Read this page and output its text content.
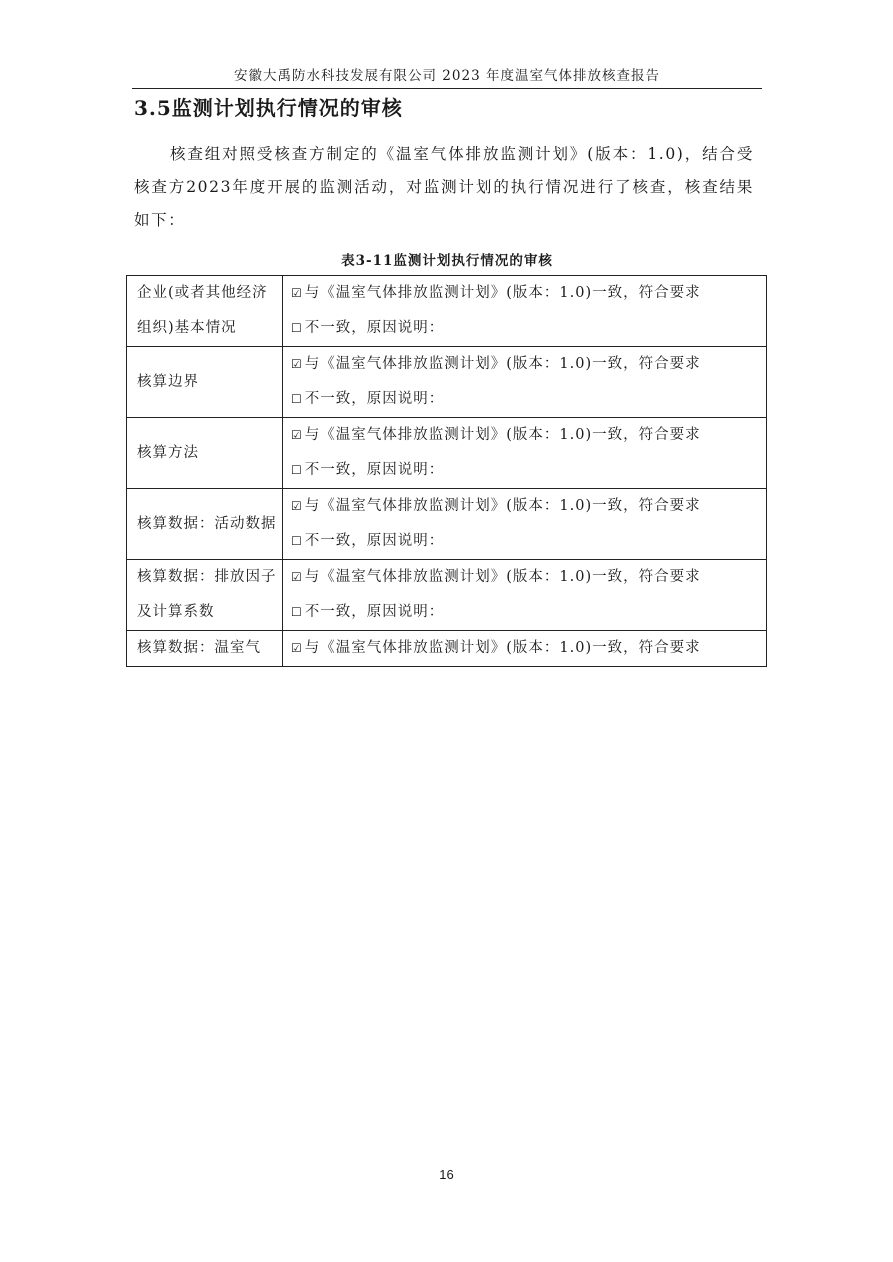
安徽大禹防水科技发展有限公司 2023 年度温室气体排放核查报告
3.5监测计划执行情况的审核
核查组对照受核查方制定的《温室气体排放监测计划》(版本：1.0)，结合受核查方2023年度开展的监测活动，对监测计划的执行情况进行了核查，核查结果如下：
表3-11监测计划执行情况的审核
企业(或者其他经济组织)基本情况	☑ 与《温室气体排放监测计划》(版本：1.0)一致，符合要求
☐ 不一致，原因说明：

核算边界	☑ 与《温室气体排放监测计划》(版本：1.0)一致，符合要求
☐ 不一致，原因说明：

核算方法	☑ 与《温室气体排放监测计划》(版本：1.0)一致，符合要求
☐ 不一致，原因说明：

核算数据：活动数据	☑ 与《温室气体排放监测计划》(版本：1.0)一致，符合要求
☐ 不一致，原因说明：

核算数据：排放因子及计算系数	☑ 与《温室气体排放监测计划》(版本：1.0)一致，符合要求
☐ 不一致，原因说明：

核算数据：温室气	☑ 与《温室气体排放监测计划》(版本：1.0)一致，符合要求
16
